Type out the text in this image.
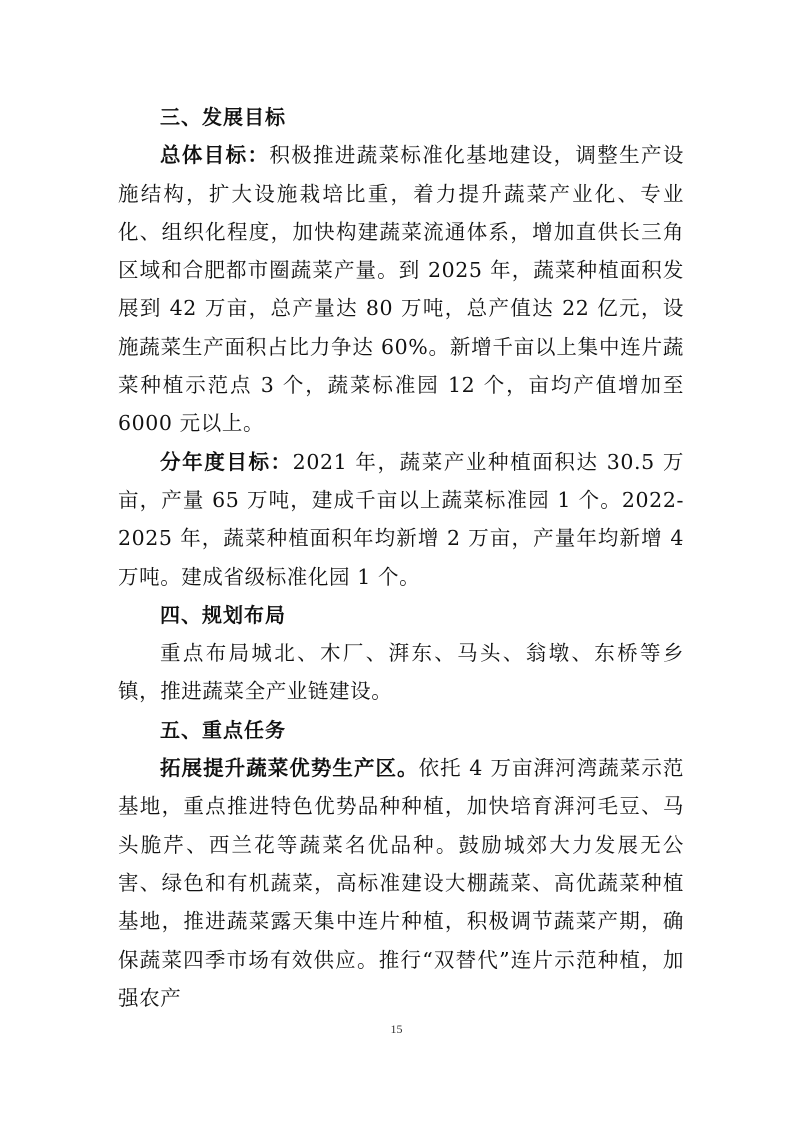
三、发展目标

总体目标：积极推进蔬菜标准化基地建设，调整生产设施结构，扩大设施栽培比重，着力提升蔬菜产业化、专业化、组织化程度，加快构建蔬菜流通体系，增加直供长三角区域和合肥都市圈蔬菜产量。到 2025 年，蔬菜种植面积发展到 42 万亩，总产量达 80 万吨，总产值达 22 亿元，设施蔬菜生产面积占比力争达 60%。新增千亩以上集中连片蔬菜种植示范点 3 个，蔬菜标准园 12 个，亩均产值增加至 6000 元以上。

分年度目标：2021 年，蔬菜产业种植面积达 30.5 万亩，产量 65 万吨，建成千亩以上蔬菜标准园 1 个。2022-2025 年，蔬菜种植面积年均新增 2 万亩，产量年均新增 4 万吨。建成省级标准化园 1 个。

四、规划布局

重点布局城北、木厂、湃东、马头、翁墩、东桥等乡镇，推进蔬菜全产业链建设。

五、重点任务

拓展提升蔬菜优势生产区。依托 4 万亩湃河湾蔬菜示范基地，重点推进特色优势品种种植，加快培育湃河毛豆、马头脆芹、西兰花等蔬菜名优品种。鼓励城郊大力发展无公害、绿色和有机蔬菜，高标准建设大棚蔬菜、高优蔬菜种植基地，推进蔬菜露天集中连片种植，积极调节蔬菜产期，确保蔬菜四季市场有效供应。推行“双替代”连片示范种植，加强农产

15
